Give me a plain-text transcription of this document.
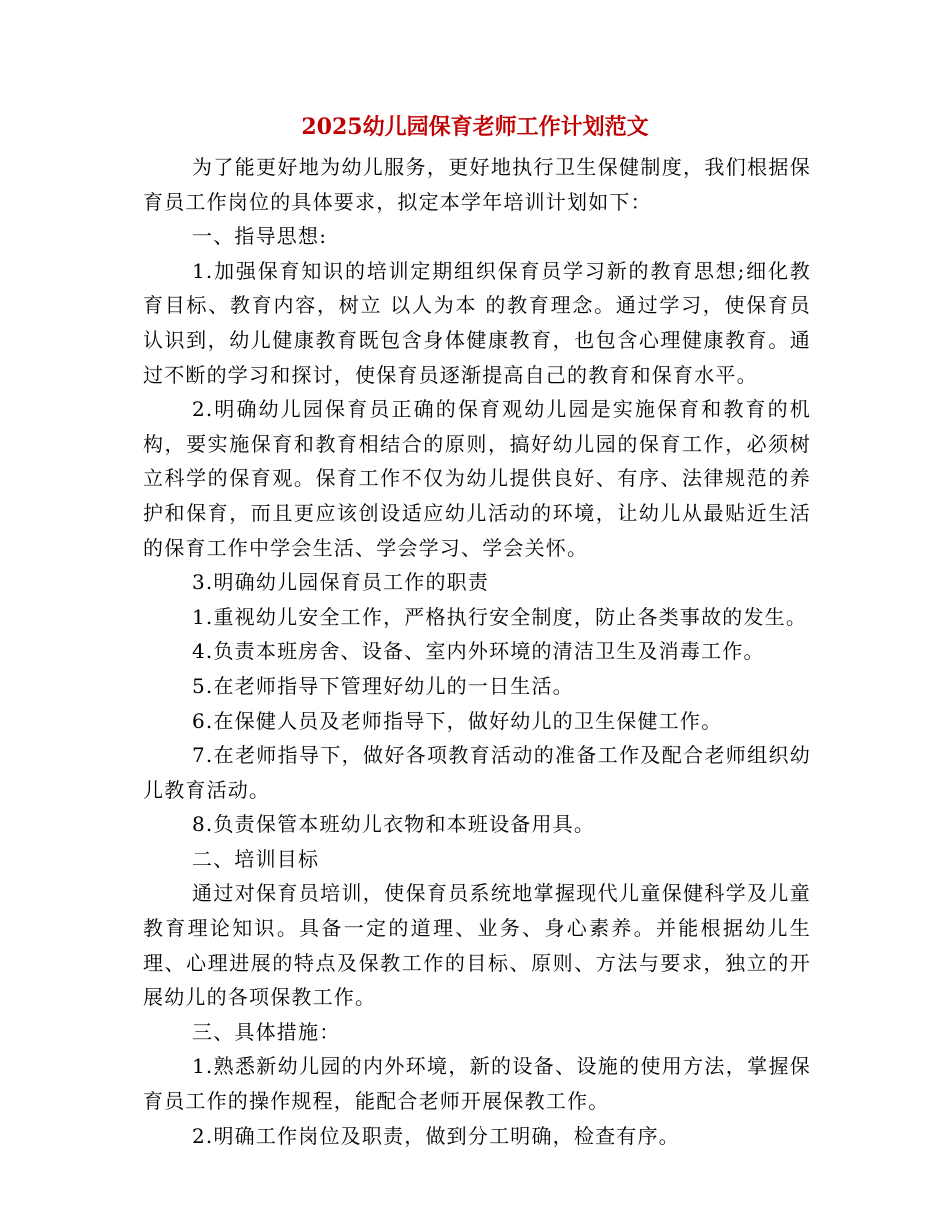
2025幼儿园保育老师工作计划范文

为了能更好地为幼儿服务，更好地执行卫生保健制度，我们根据保育员工作岗位的具体要求，拟定本学年培训计划如下：

一、指导思想:

1.加强保育知识的培训定期组织保育员学习新的教育思想;细化教育目标、教育内容，树立 以人为本 的教育理念。通过学习，使保育员认识到，幼儿健康教育既包含身体健康教育，也包含心理健康教育。通过不断的学习和探讨，使保育员逐渐提高自己的教育和保育水平。

2.明确幼儿园保育员正确的保育观幼儿园是实施保育和教育的机构，要实施保育和教育相结合的原则，搞好幼儿园的保育工作，必须树立科学的保育观。保育工作不仅为幼儿提供良好、有序、法律规范的养护和保育，而且更应该创设适应幼儿活动的环境，让幼儿从最贴近生活的保育工作中学会生活、学会学习、学会关怀。

3.明确幼儿园保育员工作的职责

1.重视幼儿安全工作，严格执行安全制度，防止各类事故的发生。

4.负责本班房舍、设备、室内外环境的清洁卫生及消毒工作。

5.在老师指导下管理好幼儿的一日生活。

6.在保健人员及老师指导下，做好幼儿的卫生保健工作。

7.在老师指导下，做好各项教育活动的准备工作及配合老师组织幼儿教育活动。

8.负责保管本班幼儿衣物和本班设备用具。

二、培训目标

通过对保育员培训，使保育员系统地掌握现代儿童保健科学及儿童教育理论知识。具备一定的道理、业务、身心素养。并能根据幼儿生理、心理进展的特点及保教工作的目标、原则、方法与要求，独立的开展幼儿的各项保教工作。

三、具体措施：

1.熟悉新幼儿园的内外环境，新的设备、设施的使用方法，掌握保育员工作的操作规程，能配合老师开展保教工作。

2.明确工作岗位及职责，做到分工明确，检查有序。
